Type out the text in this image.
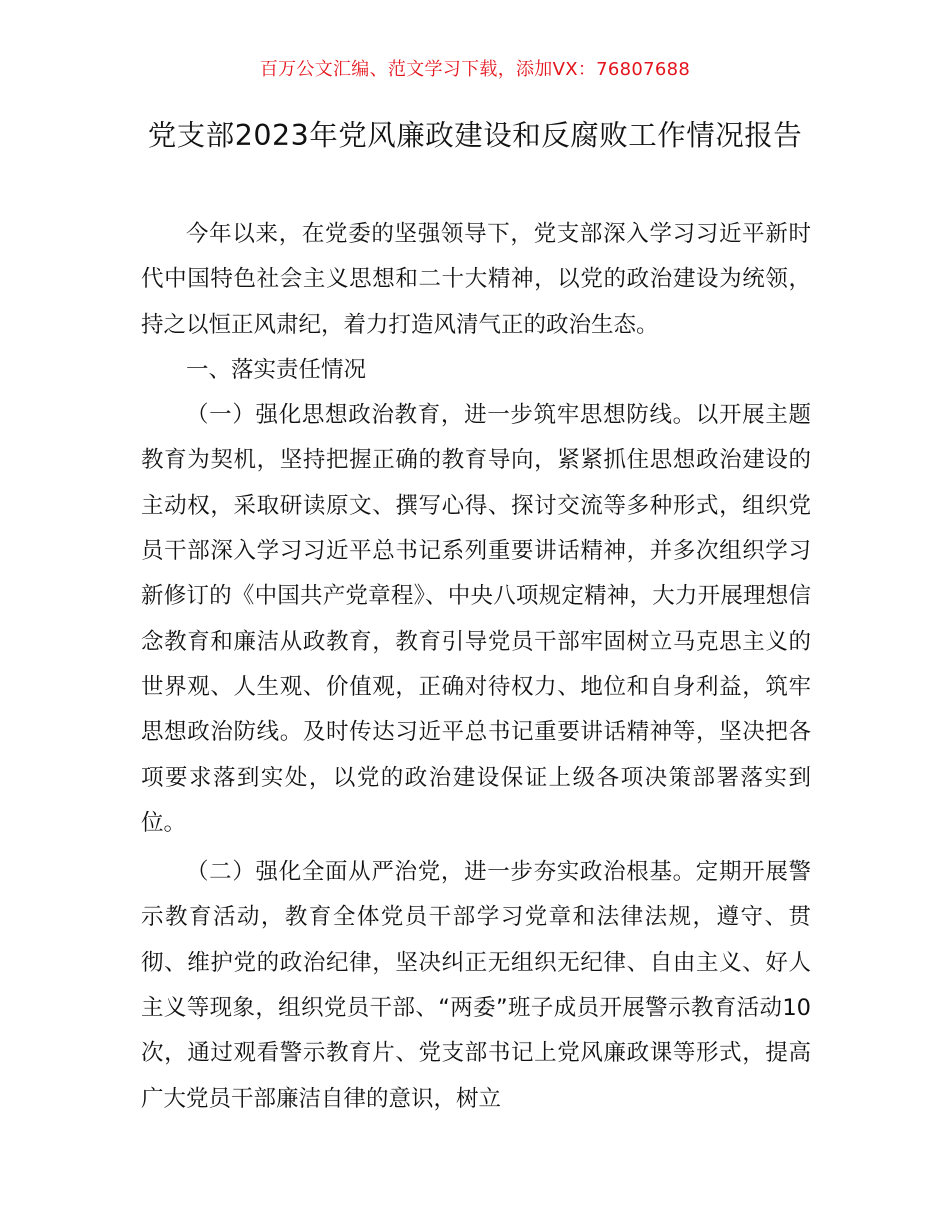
百万公文汇编、范文学习下载，添加VX：76807688
党支部2023年党风廉政建设和反腐败工作情况报告

今年以来，在党委的坚强领导下，党支部深入学习习近平新时代中国特色社会主义思想和二十大精神，以党的政治建设为统领，持之以恒正风肃纪，着力打造风清气正的政治生态。

一、落实责任情况

（一）强化思想政治教育，进一步筑牢思想防线。以开展主题教育为契机，坚持把握正确的教育导向，紧紧抓住思想政治建设的主动权，采取研读原文、撰写心得、探讨交流等多种形式，组织党员干部深入学习习近平总书记系列重要讲话精神，并多次组织学习新修订的《中国共产党章程》、中央八项规定精神，大力开展理想信念教育和廉洁从政教育，教育引导党员干部牢固树立马克思主义的世界观、人生观、价值观，正确对待权力、地位和自身利益，筑牢思想政治防线。及时传达习近平总书记重要讲话精神等，坚决把各项要求落到实处，以党的政治建设保证上级各项决策部署落实到位。

（二）强化全面从严治党，进一步夯实政治根基。定期开展警示教育活动，教育全体党员干部学习党章和法律法规，遵守、贯彻、维护党的政治纪律，坚决纠正无组织无纪律、自由主义、好人主义等现象，组织党员干部、“两委”班子成员开展警示教育活动10次，通过观看警示教育片、党支部书记上党风廉政课等形式，提高广大党员干部廉洁自律的意识，树立
